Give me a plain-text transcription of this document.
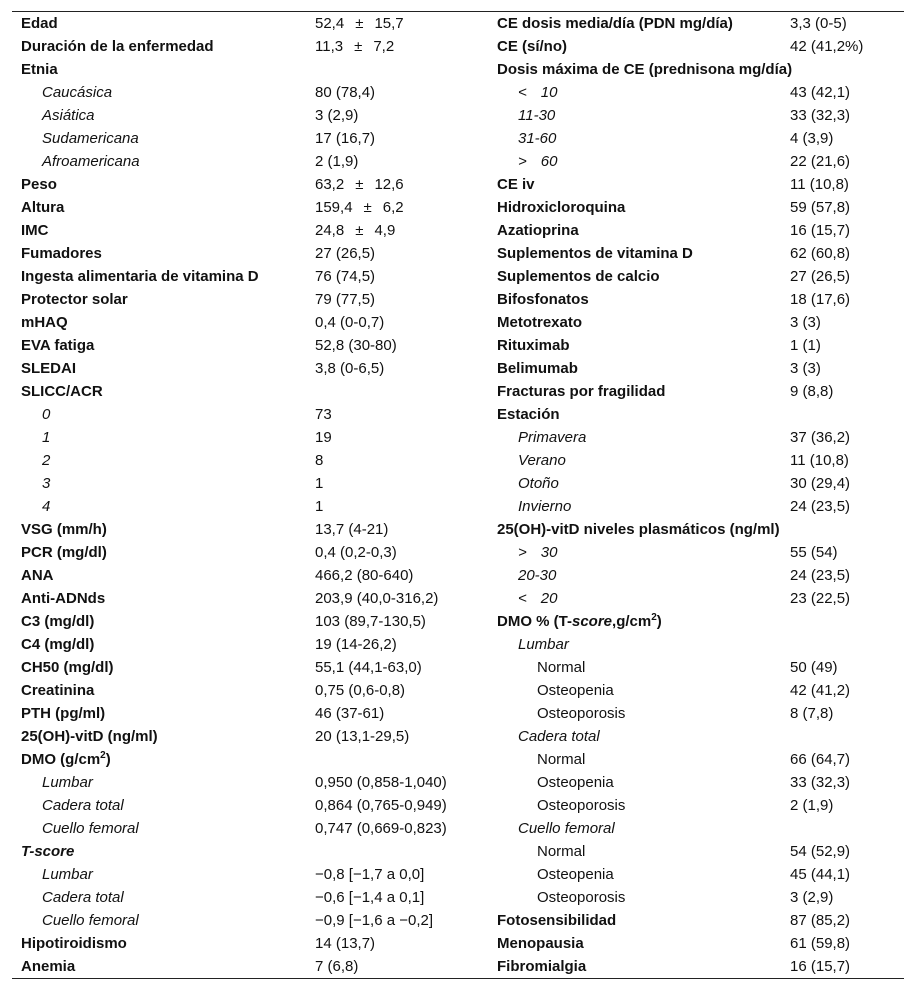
Edad	52,4 ± 15,7
Duración de la enfermedad	11,3 ± 7,2
Etnia
Caucásica	80 (78,4)
Asiática	3 (2,9)
Sudamericana	17 (16,7)
Afroamericana	2 (1,9)
Peso	63,2 ± 12,6
Altura	159,4 ± 6,2
IMC	24,8 ± 4,9
Fumadores	27 (26,5)
Ingesta alimentaria de vitamina D	76 (74,5)
Protector solar	79 (77,5)
mHAQ	0,4 (0-0,7)
EVA fatiga	52,8 (30-80)
SLEDAI	3,8 (0-6,5)
SLICC/ACR
0	73
1	19
2	8
3	1
4	1
VSG (mm/h)	13,7 (4-21)
PCR (mg/dl)	0,4 (0,2-0,3)
ANA	466,2 (80-640)
Anti-ADNds	203,9 (40,0-316,2)
C3 (mg/dl)	103 (89,7-130,5)
C4 (mg/dl)	19 (14-26,2)
CH50 (mg/dl)	55,1 (44,1-63,0)
Creatinina	0,75 (0,6-0,8)
PTH (pg/ml)	46 (37-61)
25(OH)-vitD (ng/ml)	20 (13,1-29,5)
DMO $(g/cm^2)$
Lumbar	0,950 (0,858-1,040)
Cadera total	0,864 (0,765-0,949)
Cuello femoral	0,747 (0,669-0,823)
T-score
Lumbar	−0,8 [−1,7 a 0,0]
Cadera total	−0,6 [−1,4 a 0,1]
Cuello femoral	−0,9 [−1,6 a −0,2]
Hipotiroidismo	14 (13,7)
Anemia	7 (6,8)
CE dosis media/día (PDN mg/día)	3,3 (0-5)
CE (sí/no)	42 (41,2%)
Dosis máxima de CE (prednisona mg/día)
< 10	43 (42,1)
11-30	33 (32,3)
31-60	4 (3,9)
> 60	22 (21,6)
CE iv	11 (10,8)
Hidroxicloroquina	59 (57,8)
Azatioprina	16 (15,7)
Suplementos de vitamina D	62 (60,8)
Suplementos de calcio	27 (26,5)
Bifosfonatos	18 (17,6)
Metotrexato	3 (3)
Rituximab	1 (1)
Belimumab	3 (3)
Fracturas por fragilidad	9 (8,8)
Estación
Primavera	37 (36,2)
Verano	11 (10,8)
Otoño	30 (29,4)
Invierno	24 (23,5)
25(OH)-vitD niveles plasmáticos (ng/ml)
> 30	55 (54)
20-30	24 (23,5)
< 20	23 (22,5)
DMO % $(T-score,g/cm^2)$
Lumbar
Normal	50 (49)
Osteopenia	42 (41,2)
Osteoporosis	8 (7,8)
Cadera total
Normal	66 (64,7)
Osteopenia	33 (32,3)
Osteoporosis	2 (1,9)
Cuello femoral
Normal	54 (52,9)
Osteopenia	45 (44,1)
Osteoporosis	3 (2,9)
Fotosensibilidad	87 (85,2)
Menopausia	61 (59,8)
Fibromialgia	16 (15,7)
